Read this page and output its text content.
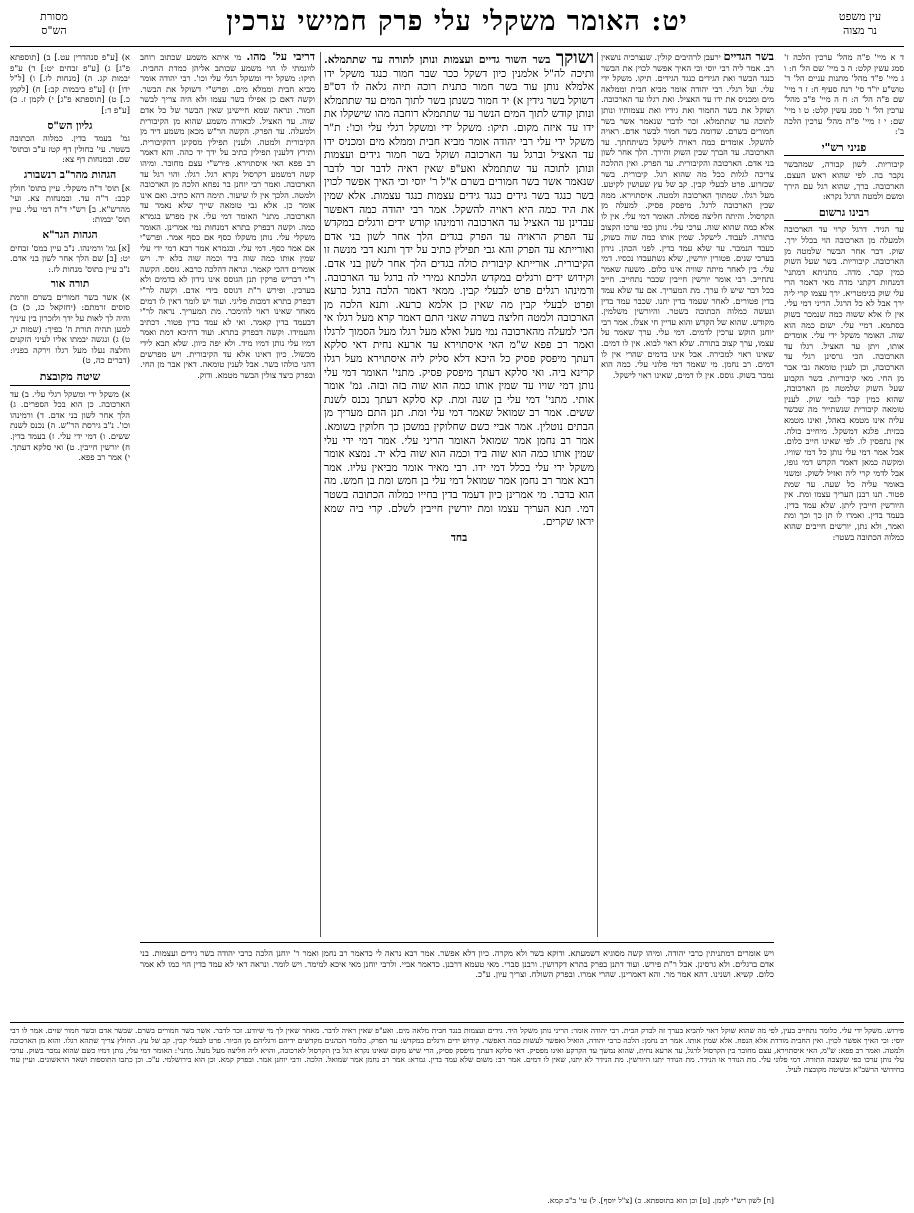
עין משפט
נר מצוה
יט: האומר משקלי עלי פרק חמישי ערכין
מסורת
הש"ס
ד א מיי' פ"ה מהל' ערכין הלכה ז' סמג עשין קלט: ה ב מיי' שם הל' ח: ו ג מיי' פ"ד מהל' מתנות עניים הל' ד' טוש"ע יו"ד סי' רנח סעיף ח: ז ד מיי' שם פ"ה הל' ה: ח ה מיי' פ"ב מהל' ערכין הל' ו' סמג עשין קלט: ט ו מיי' שם: י ז מיי' פ"ה מהל' ערכין הלכה ב':
פניני רש"י
קיבוריות. לשון קבורה, שמהבשר נקבר בה. לפי שהוא ראש העצם. הארכובה. ברך, שהוא רגל עם הירך ומשם ולמטה הרגל נקרא:
רבינו גרשום
עד הגיד. דרגל קרוי עד הארכובה ולמעלה מן הארכובה הוי בכלל ירך. שוק. דבר אחר הבשר שלמטה מן הארכובה. קיבוריות. בשר שעל השוק כמין קבר. מדה. מתניתא דמתני' דמנחות דקתני מדה מאי דאמר הרי עלי שוק בגימטריא. ירך עצמו קרי ליה ירך אבל לא כל הרגל. הריני דמי עלי. אין לו אלא ששוה כמה שנמכר בשוק בסתמא. דמיי עלי. ישום כמה הוא שוה. האומר משקל ידי עלי. אומדים אותו, ויתן עד האציל. רגלו עד הארכובה. הכי גרסינן רגלי עד הארכובה, וכן לענין טומאה גבי אבר מן החי. מאי קיבוריות. בשר הקבוע שעל השוק שלמטה מן הארכובה, שהוא כמין קבר לגבי שוק. לענין טומאה קיבורית שנשתייר מה שבשר עליה אינו מטמא באהל, ואינו מטמא בכזית. פלגא דמשקל. מיחייב כולה. אין נתפסין לו. לפי שאינו חייב כלום. אבל אמר דמי עלי נותן כל דמי שוויו. ומקשה כמאן דאמר הקדש דמי גופו, אבל לדמי קרי ליה ואזיל לשוק. ומשני באומר עליה כל שעה. עד שמת פטור. תנו רבנן העריך עצמו ומת. אין היורשין חייבין ליתן. שלא עמד בדין. בעמד בדין. ואמרו לו תן כך וכך ומת ואמר, ולא נתן, יורשים חייבים שהוא כמלוה הכתובה בשטר:
בשר הגדיים ירעבן לרהיבים קולין. שנצרכיה נושאין רב. אמר ליה רבי יוסי וכי האיך אפשר לכוין את הבשר כנגד הבשר ואת הגידים כנגד הגידים. תיקו. משקל ידי עלי. ועל רגלי. רבי יהודה אומר מביא חבית וממלאה מים ומכניס את ידו עד האציל. ואת רגלו עד הארכובה. ושוקל את בשר החמור ואת גידיו ואת עצמותיו ונותן לתוכה עד שתתמלא. זכר לדבר שנאמר אשר בשר חמורים בשרם. שדומה בשר חמור לבשר אדם. ראויה להשקל. אומדים כמה ראויה לישקל כשיתחתך. עד הארכובה. עד הברך שבין השוק והירך. הלך אחר לשון בני אדם. הארכובה והקיבורית. עד הפרק. ואין ההלכה צריכה לגלות ככל מה שהוא רגל. קיבורית. בשר שבזרוע. פרט לבעלי קבין. קב של עץ שעושין לקיטע. מעל רגלו. שמתוך הארכובה ולמטה. איסתוירא. ממה שבין הארכובה לרגל. מיפסק פסיק. למעלה מן הקרסול. והיתה חליצה פסולה. האומר דמי עלי. אין לו אלא כמה שהוא שוה. ערכי עלי. נותן כפי ערכו הקצוב בתורה. לעבוד. לישקל. שמין אותו כמה שוה בשוק, כעבד הנמכר. עד שלא עמד בדין. לפני הכהן. נידון בערכי שנים. פטורין יורשין, שלא נשתעבדו נכסיו. דמי עלי. בין לאחר מיתה שוויה אינו כלום. משעה שאמר נתחייב. רבי אומר יורשין חייבין שכבר נתחייב. חייב בכל דבר שיש לו ערך. מת המעריך. אם עד שלא עמד בדין פטורים. לאחר שעמד בדין יתנו. שכבר עמד בדין ונעשה כמלוה הכתובה בשטר. והיורשין משלמין. מקודש. שהוא של הקדש והוא עדיין חי אצלו. אמר רבי יוחנן הוקש ערכין לדמים. דמי עלי. ערך שאמר על עצמו, ערך קצוב בתורה. שלא ראוי לבוא. אין לו דמים. שאינו ראוי למכירה. אבל אינו בדמים שהרי אין לו דמים. רב נחמן. מי שאמר דמי פלוני עלי. כמה הוא נמכר בשוק. גוסס. אין לו דמים, שאינו ראוי לישקל.
ושוקך בשר השור גדיים ועצמות ונותן לתורה עד שתתמלא. ותיכה לה"ל אלמנין כיון דשקל ככר שבר חמור כנגד משקל ידו אלמלא נותן עוד בשר חמור כתנית רוכה תיוה גלאה לו דס"פ דשוקל בשר גידין א) יד חמור כשנתן בשר לתוך המים עד שתתמלא ונותן קודש לתוך המים הנשר עד שתתמלא רוחבה מהו שישקלו את ידו עד איזה מקום. תיקו: משקל ידי ומשקל רגלי עלי וכו': ת"ר משקל ידי עלי רבי יהודה אומר מביא חבית וממלא מים ומכניס ידו עד האציל וברגל עד הארכובה ושוקל בשר חמור גידים ועצמות ונותן לתוכה עד שתתמלא ואע"פ שאין ראיה לדבר זכר לדבר שנאמר אשר בשר חמורים בשרם א"ל ר' יוסי וכי האיך אפשר לכוין בשר כנגד בשר גידים כנגד גידים עצמות כנגד עצמות. אלא שמין את היד כמה היא ראויה להשקל. אמר רבי יהודה כמה דאפשר עבדינן עד האציל עד הארכובה ורמינהו קודש ידים ורגלים במקדש עד הפרק הראויה עד הפרק בגדים הלך אחר לשון בני אדם ואורייתא עד הפרק והא גבי תפילין כתיב על ידך ותנא דבי מנשה זו הקיבורית. אורייתא קיבורית כולה בגדים הלך אחר לשון בני אדם. וקידוש ידים ורגלים במקדש הלכתא גמירי לה ברגל עד הארכובה. ורמינהו רגלים פרט לבעלי קבין. ממאי דאמר הלכה ברגל כרעא ופרט לבעלי קבין מה שאין כן אלמא כרעא. ותנא הלכה מן הארכובה ולמטה חליצה בשרה שאני התם דאמר קרא מעל רגלו אי הכי למעלה מהארכובה נמי מעל ואלא מעל רגלו מעל הסמוך לרגלו ואמר רב פפא ש"מ האי איסתוירא עד ארעא נחית דאי סלקא דעתך מיפסק פסיק כל היכא דלא סליק ליה איסתוירא מעל רגלו קרינא ביה. ואי סלקא דעתך מיפסק פסיק. מתני' האומר דמי עלי נותן דמי שויו עד שמין אותו כמה הוא שוה בזה ובזה. גמ' אומר אותי. מתני' דמי עלי בן שנה ומת. קא סלקא דעתך נכנס לשנת ששים. אמר רב שמואל שאמר דמי עלי ומת. תנן התם מעריך מן הבתים נוטלין. אמר אביי כשם שחלוקין במשכן כך חלוקין בשומא. אמר רב נחמן אמר שמואל האומר הריני עלי. אמר דמי ידי עלי שמין אותו כמה הוא שוה ביד וכמה הוא שוה בלא יד. נמצא אומר משקל ידי עלי בכלל דמי ידו. רבי מאיר אומר מביאין עליו. אמר רבא אמר רב נחמן אמר שמואל דמי עלי בן חמש ומת בן חמש. מה הוא בדבר. מי אמרינן כיון דעמד בדין בחייו כמלוה הכתובה בשטר דמי. תנא העריך עצמו ומת יורשין חייבין לשלם. קרי ביה שמא יראו שקרים.
בחד
דריבי על' מהו. מי איתא משמע שכתוב רוחב לוונמתי לו הוי משמע שכותב אליהן כמדת החבית. תיקו: משקל ידי ומשקל רגלי עלי וכו'. רבי יהודה אומר מביא חבית וממלא מים. ופרש"י דשוקל את הבשר. וקשה דאם כן אפילו בשר עצמו ולא היה צריך לבשר חמור. ונראה שמא חיישינן שאין הבשר של כל אדם שוה. עד האציל. לכאורה משמע שהוא מן הקיבורית ולמעלה. עד הפרק. הקשה הר"ש מכאן משמע דיד מן הקיבורית ולמטה. ולענין תפילין מסקינן דהקיבורית. ותירץ דלענין תפילין כתיב על ידך יד כהה. והא דאמר רב פפא האי איסתוירא. פירש"י עצם מחובר. ומיהו קשה דמשמע דקרסול נקרא רגל. רגלו. והוי רגל עד הארכובה. ואמר רבי יוחנן בר נפחא הלכה מן הארכובה ולמטה. הלכך אין לו שיעור. תימה דהא כתיב. ואם אינו אומר כן. אלא גבי טומאה שייך שלא נאמר עד הארכובה. מתני' האומר דמי עלי. אין מפרש בגמרא כמה. וקשה דבפרק בתרא דמנחות נמי אמרינן. האומר משקלי עלי. נותן משקלו כסף אם כסף אמר. ופרש"י אם אמר כסף. דמי עלי. ובגמרא אמר רבא דמי ידי עלי שמין אותו כמה שוה ביד וכמה שוה בלא יד. ויש אומרים דהכי קאמר. ונראה דהלכה כרבא. גוסס. הקשה ר"י דבריש פרקין תנן הגוסס אינו נידון לא בדמים ולא בערכין. ופירש ר"ת דגוסס בידי אדם. וקשה לר"י דבפרק בתרא דמכות פליגי. ועוד יש לומר דאין לו דמים מאחר שאינו ראוי להימכר. מת המעריך. נראה לר"י דבעמד בדין קאמר. ואי לא עמד בדין פטור. דכתיב והעמידו. וקשה דבפרק בתרא. ועוד דהיכא דמת ואמר דמיו עלי נותן דמיו מיד. ולא יפה כיוון. שלא תבא לידי מכשול. כיון דאינו אלא עד הקיבורית. ויש מפרשים דהני כולהו בשר. אבל לענין טומאה. דאין אבר מן החי. ובפרק כיצד צולין הבשר מטמא. ודוק.
א) [ע"פ סנהדרין עט.] ב) [תוספתא פ"ג] ג) [ע"פ זבחים יט:] ד) ע"פ יבמות קג. ה) [מנחות לז.] ו) [ל"ל ידו] ז) [ע"פ ביבמות קב:] ח) [לקמן כ.] ט) [תוספתא פ"ג] י) לקמן ז. כ) [ע"פ ד:]
גליון הש"ס
גמ' בעמד בדין. כמלוה הכתובה בשטר. עי' בחולין דף קטז ע"ב ובתוס' שם. ובמנחות דף צא:
הגהות מהר"ב רנשבורג
א] תוס' ד"ה משקלי. עיין בתוס' חולין קכב: ד"ה עד. ובמנחות צא. ועי' מהרש"א. ב] רש"י ד"ה דמי עלי. עיין תוס' יבמות:
הגהות הגר"א
[א] גמ' ורמינהו. נ"ב עיין במס' זבחים יט: [ב] שם הלך אחר לשון בני אדם. נ"ב עיין בתוס' מנחות לז.:
תורה אור
א) אשר בשר חמורים בשרם וזרמת סוסים זרמתם: (יחזקאל כג, כ) ב) והיה לך לאות על ידך ולזכרון בין עיניך למען תהיה תורת ה' בפיך: (שמות יג, ט) ג) ונגשה יבמתו אליו לעיני הזקנים וחלצה נעלו מעל רגלו וירקה בפניו: (דברים כה, ט)
שיטה מקובצת
א) משקל ידי ומשקל רגלי עלי. ב) עד הארכובה. כן הוא בכל הספרים. ג) הלך אחר לשון בני אדם. ד) ורמינהו וכו'. נ"ב גירסת הר"ש. ה) נכנס לשנת ששים. ו) דמי ידי עלי. ז) בעמד בדין. ח) יורשין חייבין. ט) ואי סלקא דעתך. י) אמר רב פפא.
ויש אומרים דמתניתין כרבי יהודה. ומיהו קשה מסוגיא דשמעתא. ודוקא בשר ולא מקרה. כיון דלא אפשר. אמר רבא נראה לי כדאמר רב נחמן ואמר ר' יוחנן הלכה כרבי יהודה בשר גידים ועצמות. בני אדם ברגלים. ולא גרסינן. אבל ר"ת פירש. ועוד דתנן בפרק בתרא דקדושין. ורבנן סברי. מאי טעמא דרבנן. כדאמר אביי. ולרבי יוחנן מאי איכא למימר. ויש לומר. ונראה דאי לא עמד בדין הוי כמו לא אמר כלום. קשיא. ושנינו. דהא אמר מר. והא דאמרינן. שהרי אמרו. ובפרק השולח. וצריך עיון. ע"כ.
פירוש. משקל ידי עלי. כלומר נתחייב בעין, לפי מה שהוא שוקל ראוי להביא בערך זה לבדק הבית. רבי יהודה אומר: הריני נותן משקל היד. גידים ועצמות כנגד חבית מלאה מים. ואע"פ שאין ראיה לדבר. מאחר שאין לך מי שיודע. זכר לדבר. אשר בשר חמורים בשרם. שבשר אדם ובשר חמור שוים. אמר לו רבי יוסי: וכי האיך אפשר לכוין. ואין החבית מודדת אלא הנפח. אלא שמין אותו. אמר רב נחמן: הלכה כרבי יהודה, הואיל ואפשר לעשות כמה דאפשר. קידוש ידים ורגלים במקדש: עד הפרק. כלומר הכהנים מקדשים ידיהם ורגליהם מן הכיור. פרט לבעלי קבין. קב של עץ. החולץ צריך שתהא רגלו. והוא מן הארכובה ולמטה. ואמר רב פפא: ש"מ, האי איסתוירא, עצם מחובר בין הקרסול לרגל, עד ארעא נחית, שהוא נמשך עד הקרקע ואינו מפסיק. דאי סלקא דעתך מיפסק פסיק, הרי שיש מקום שאינו נקרא רגל בין הקרסול לארכובה, והויא ליה חליצה מעל מעל. מתני': האומר דמי עלי, נותן דמיו כשם שהוא נמכר בשוק. ערכי עלי נותן ערכו כפי שקצבה התורה. דמי פלוני עלי. מת הנודר או הנידר. מת הנודר יתנו היורשין. מת הנידר לא יתנו, שאין לו דמים. אמר רב: משום שלא עמד בדין. גמרא: אמר רב נחמן אמר שמואל. הלכה. ורבי יוחנן אמר. ובפרק קמא. וכן הוא בירושלמי. ע"כ. וכן כתבו התוספות ושאר הראשונים. ועיין עוד בחידושי הרשב"א ובשיטה מקובצת לעיל.
[ח] לשון רש"י לקמן. [ט] וכן הוא בתוספתא. כ) [צ"ל יוסף]. ל) עי' ב"ב קמא.
